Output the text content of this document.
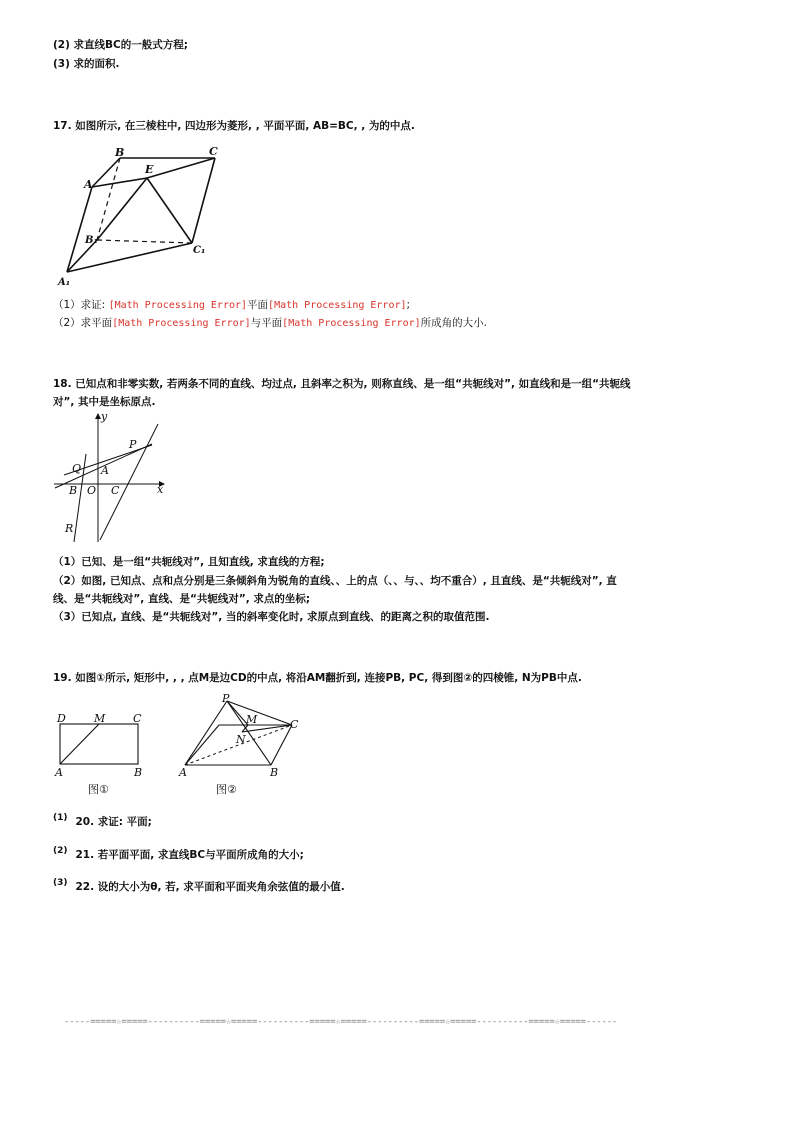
(2) 求直线BC的一般式方程;
(3) 求的面积.
17. 如图所示, 在三棱柱中, 四边形为菱形, , 平面平面, AB=BC, , 为的中点.
B	C
A
E
B₁
C₁
A₁
（1）求证: [Math Processing Error]平面[Math Processing Error];
（2）求平面[Math Processing Error]与平面[Math Processing Error]所成角的大小.
18. 已知点和非零实数, 若两条不同的直线、均过点, 且斜率之积为, 则称直线、是一组“共轭线对”, 如直线和是一组“共轭线
对”, 其中是坐标原点.
y
P
Q A
B O C	x
R
（1）已知、是一组“共轭线对”, 且知直线, 求直线的方程;
（2）如图, 已知点、点和点分别是三条倾斜角为锐角的直线、、上的点（、、与、、均不重合）, 且直线、是“共轭线对”, 直
线、是“共轭线对”, 直线、是“共轭线对”, 求点的坐标;
（3）已知点, 直线、是“共轭线对”, 当的斜率变化时, 求原点到直线、的距离之积的取值范围.
19. 如图①所示, 矩形中, , , 点M是边CD的中点, 将沿AM翻折到, 连接PB, PC, 得到图②的四棱锥, N为PB中点.
D	M	C
A	B
图①
P
M	C
N
A	B
图②
(1) 20. 求证: 平面;
(2) 21. 若平面平面, 求直线BC与平面所成角的大小;
(3) 22. 设的大小为θ, 若, 求平面和平面夹角余弦值的最小值.
-----=====☆=====----------=====☆=====----------=====☆=====----------=====☆=====----------=====☆=====------
